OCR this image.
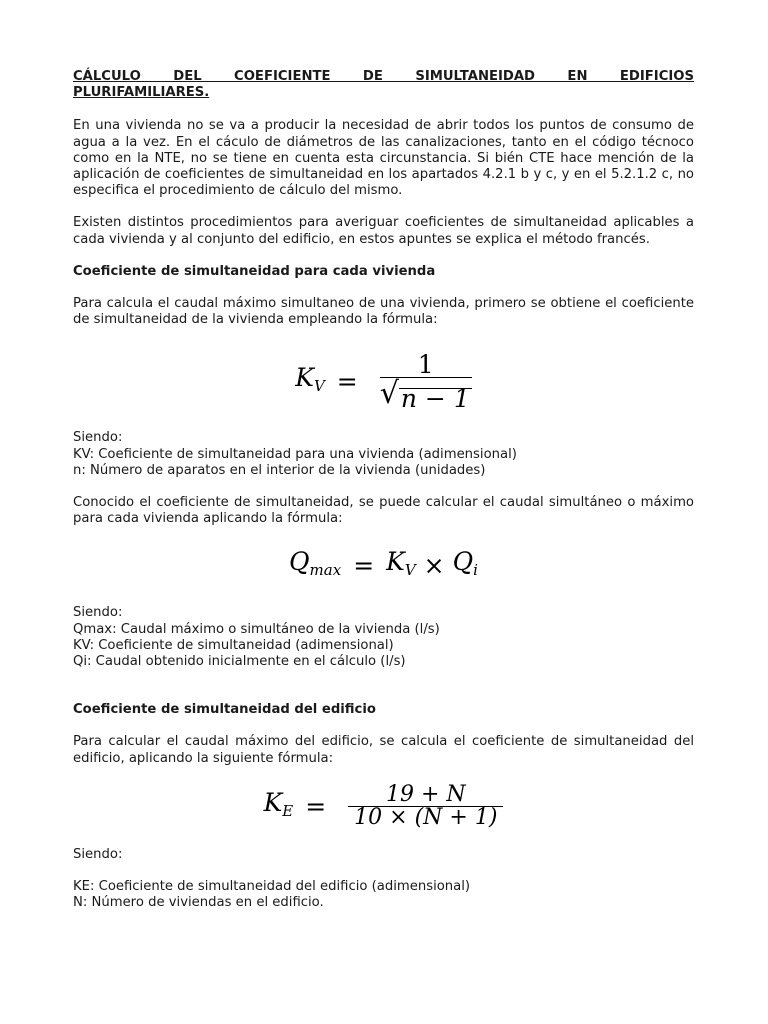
CÁLCULO DEL COEFICIENTE DE SIMULTANEIDAD EN EDIFICIOS
PLURIFAMILIARES.

En una vivienda no se va a producir la necesidad de abrir todos los puntos de consumo de agua a la vez. En el cáculo de diámetros de las canalizaciones, tanto en el código técnoco como en la NTE, no se tiene en cuenta esta circunstancia. Si bién CTE hace mención de la aplicación de coeficientes de simultaneidad en los apartados 4.2.1 b y c, y en el 5.2.1.2 c, no especifica el procedimiento de cálculo del mismo.

Existen distintos procedimientos para averiguar coeficientes de simultaneidad aplicables a cada vivienda y al conjunto del edificio, en estos apuntes se explica el método francés.

Coeficiente de simultaneidad para cada vivienda

Para calcula el caudal máximo simultaneo de una vivienda, primero se obtiene el coeficiente de simultaneidad de la vivienda empleando la fórmula:

$K_V = \frac{1}{√ n - 1}$
Siendo:
KV: Coeficiente de simultaneidad para una vivienda (adimensional)
n: Número de aparatos en el interior de la vivienda (unidades)

Conocido el coeficiente de simultaneidad, se puede calcular el caudal simultáneo o máximo para cada vivienda aplicando la fórmula:

$Q_{max} = K_V \times Q_i$
Siendo:
Qmax: Caudal máximo o simultáneo de la vivienda (l/s)
KV: Coeficiente de simultaneidad (adimensional)
Qi: Caudal obtenido inicialmente en el cálculo (l/s)
Coeficiente de simultaneidad del edificio

Para calcular el caudal máximo del edificio, se calcula el coeficiente de simultaneidad del edificio, aplicando la siguiente fórmula:

$K_E = \frac{19 + N}{10 \times (N + 1)}$
Siendo:
KE: Coeficiente de simultaneidad del edificio (adimensional)
N: Número de viviendas en el edificio.
